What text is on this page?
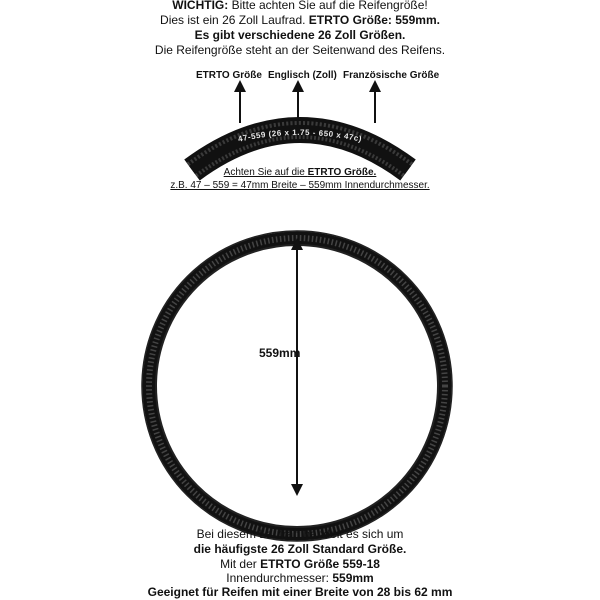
WICHTIG: Bitte achten Sie auf die Reifengröße!
Dies ist ein 26 Zoll Laufrad. ETRTO Größe: 559mm.
Es gibt verschiedene 26 Zoll Größen.
Die Reifengröße steht an der Seitenwand des Reifens.
ETRTO Größe Englisch (Zoll) Französische Größe
47-559 (26 x 1.75 - 650 x 47c)
Achten Sie auf die ETRTO Größe.
z.B. 47 – 559 = 47mm Breite – 559mm Innendurchmesser.
559mm
Bei diesem Laufrad handelt es sich um
die häufigste 26 Zoll Standard Größe.
Mit der ETRTO Größe 559-18
Innendurchmesser: 559mm
Geeignet für Reifen mit einer Breite von 28 bis 62 mm
